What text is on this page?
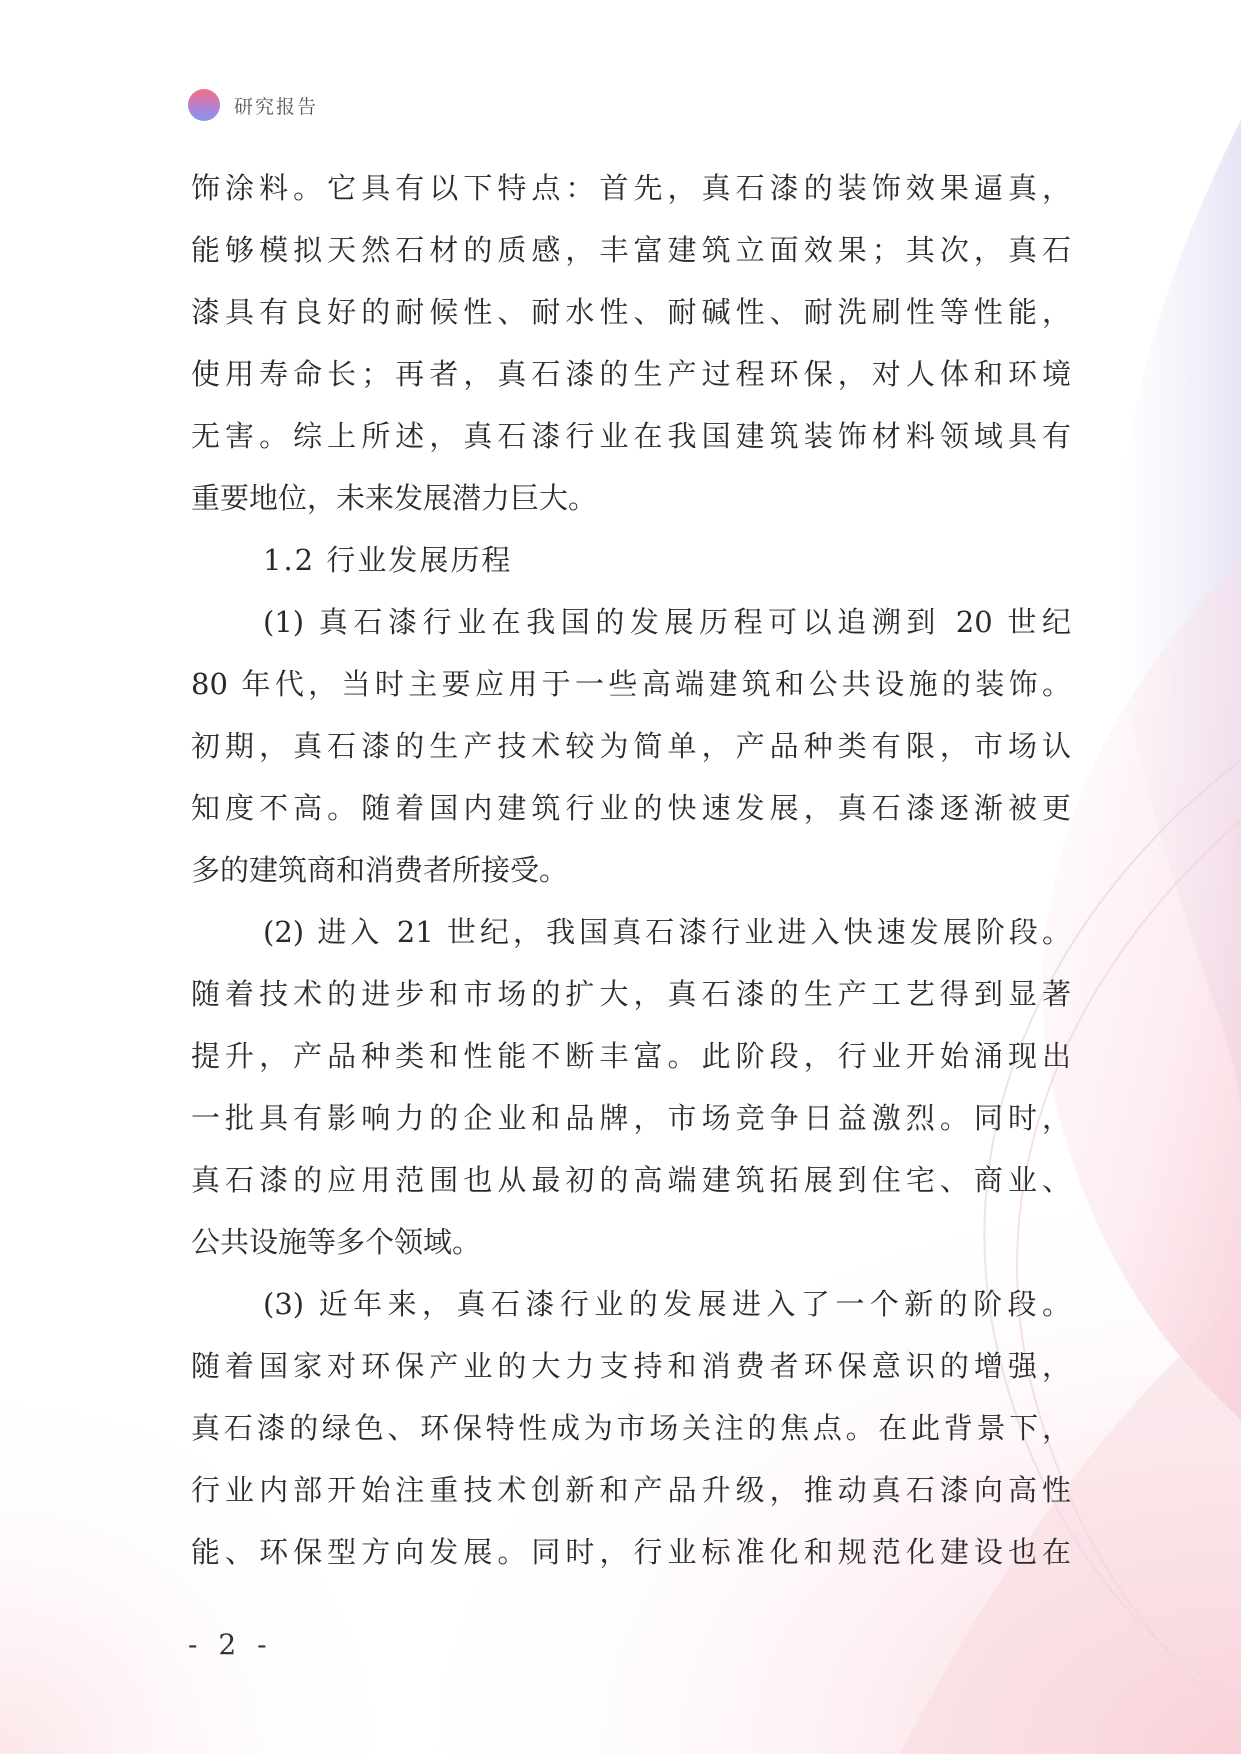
研究报告
饰涂料。它具有以下特点：首先，真石漆的装饰效果逼真，
能够模拟天然石材的质感，丰富建筑立面效果；其次，真石
漆具有良好的耐候性、耐水性、耐碱性、耐洗刷性等性能，
使用寿命长；再者，真石漆的生产过程环保，对人体和环境
无害。综上所述，真石漆行业在我国建筑装饰材料领域具有
重要地位，未来发展潜力巨大。
1.2 行业发展历程
(1) 真石漆行业在我国的发展历程可以追溯到 20 世纪
80 年代，当时主要应用于一些高端建筑和公共设施的装饰。
初期，真石漆的生产技术较为简单，产品种类有限，市场认
知度不高。随着国内建筑行业的快速发展，真石漆逐渐被更
多的建筑商和消费者所接受。
(2) 进入 21 世纪，我国真石漆行业进入快速发展阶段。
随着技术的进步和市场的扩大，真石漆的生产工艺得到显著
提升，产品种类和性能不断丰富。此阶段，行业开始涌现出
一批具有影响力的企业和品牌，市场竞争日益激烈。同时，
真石漆的应用范围也从最初的高端建筑拓展到住宅、商业、
公共设施等多个领域。
(3) 近年来，真石漆行业的发展进入了一个新的阶段。
随着国家对环保产业的大力支持和消费者环保意识的增强，
真石漆的绿色、环保特性成为市场关注的焦点。在此背景下，
行业内部开始注重技术创新和产品升级，推动真石漆向高性
能、环保型方向发展。同时，行业标准化和规范化建设也在
- 2 -
